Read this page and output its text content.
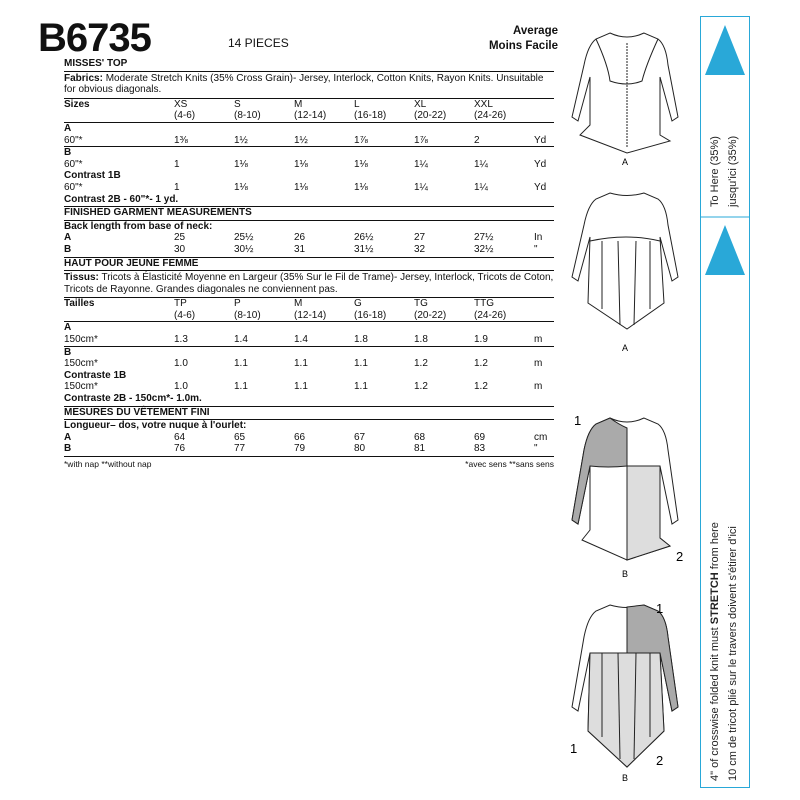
B6735	14 PIECES
Average
Moins Facile
MISSES' TOP
Fabrics: Moderate Stretch Knits (35% Cross Grain)- Jersey, Interlock, Cotton Knits, Rayon Knits. Unsuitable for obvious diagonals.
Sizes	XS	S	M	L	XL	XXL	
	(4-6)	(8-10)	(12-14)	(16-18)	(20-22)	(24-26)	
A							
60"*	1⅜	1½	1½	1⅞	1⅞	2	Yd
B							
60"*	1	1⅛	1⅛	1⅛	1¼	1¼	Yd
Contrast 1B							
60"*	1	1⅛	1⅛	1⅛	1¼	1¼	Yd
Contrast 2B - 60"*- 1 yd.
FINISHED GARMENT MEASUREMENTS
Back length from base of neck:
A	25	25½	26	26½	27	27½	In
B	30	30½	31	31½	32	32½	"
HAUT POUR JEUNE FEMME
Tissus: Tricots à Élasticité Moyenne en Largeur (35% Sur le Fil de Trame)- Jersey, Interlock, Tricots de Coton, Tricots de Rayonne. Grandes diagonales ne conviennent pas.
Tailles	TP	P	M	G	TG	TTG	
	(4-6)	(8-10)	(12-14)	(16-18)	(20-22)	(24-26)	
A							
150cm*	1.3	1.4	1.4	1.8	1.8	1.9	m
B							
150cm*	1.0	1.1	1.1	1.1	1.2	1.2	m
Contraste 1B							
150cm*	1.0	1.1	1.1	1.1	1.2	1.2	m
Contraste 2B - 150cm*- 1.0m.
MESURES DU VÊTEMENT FINI
Longueur– dos, votre nuque à l'ourlet:
A	64	65	66	67	68	69	cm
B	76	77	79	80	81	83	"
*with nap **without nap	*avec sens **sans sens
A
A
1
2
B
1
1
2
B
To Here (35%) jusqu'ici (35%)
4" of crosswise folded knit must STRETCH from here 10 cm de tricot plié sur le travers doivent s'étirer d'ici
